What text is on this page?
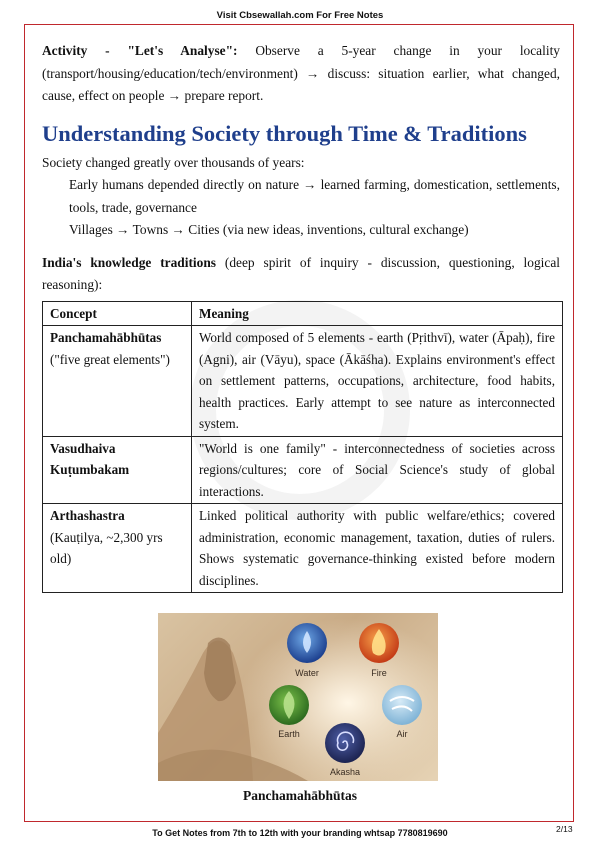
Visit Cbsewallah.com For Free Notes

Activity - "Let's Analyse": Observe a 5-year change in your locality (transport/housing/education/tech/environment) → discuss: situation earlier, what changed, cause, effect on people → prepare report.

Understanding Society through Time & Traditions

Society changed greatly over thousands of years:

Early humans depended directly on nature → learned farming, domestication, settlements, tools, trade, governance

Villages → Towns → Cities (via new ideas, inventions, cultural exchange)

India's knowledge traditions (deep spirit of inquiry - discussion, questioning, logical reasoning):

Concept	Meaning

Panchamahābhūtas
("five great elements")	World composed of 5 elements - earth (Pṛithvī), water (Āpaḥ), fire (Agni), air (Vāyu), space (Ākāśha). Explains environment's effect on settlement patterns, occupations, architecture, food habits, health practices. Early attempt to see nature as interconnected system.

Vasudhaiva Kuṭumbakam	"World is one family" - interconnectedness of societies across regions/cultures; core of Social Science's study of global interactions.

Arthashastra
(Kauṭilya, ~2,300 yrs old)	Linked political authority with public welfare/ethics; covered administration, economic management, taxation, duties of rulers. Shows systematic governance-thinking existed before modern disciplines.
Water	Fire
Earth	Air
Akasha
Panchamahābhūtas
To Get Notes from 7th to 12th with your branding whtsap 7780819690	2/13
